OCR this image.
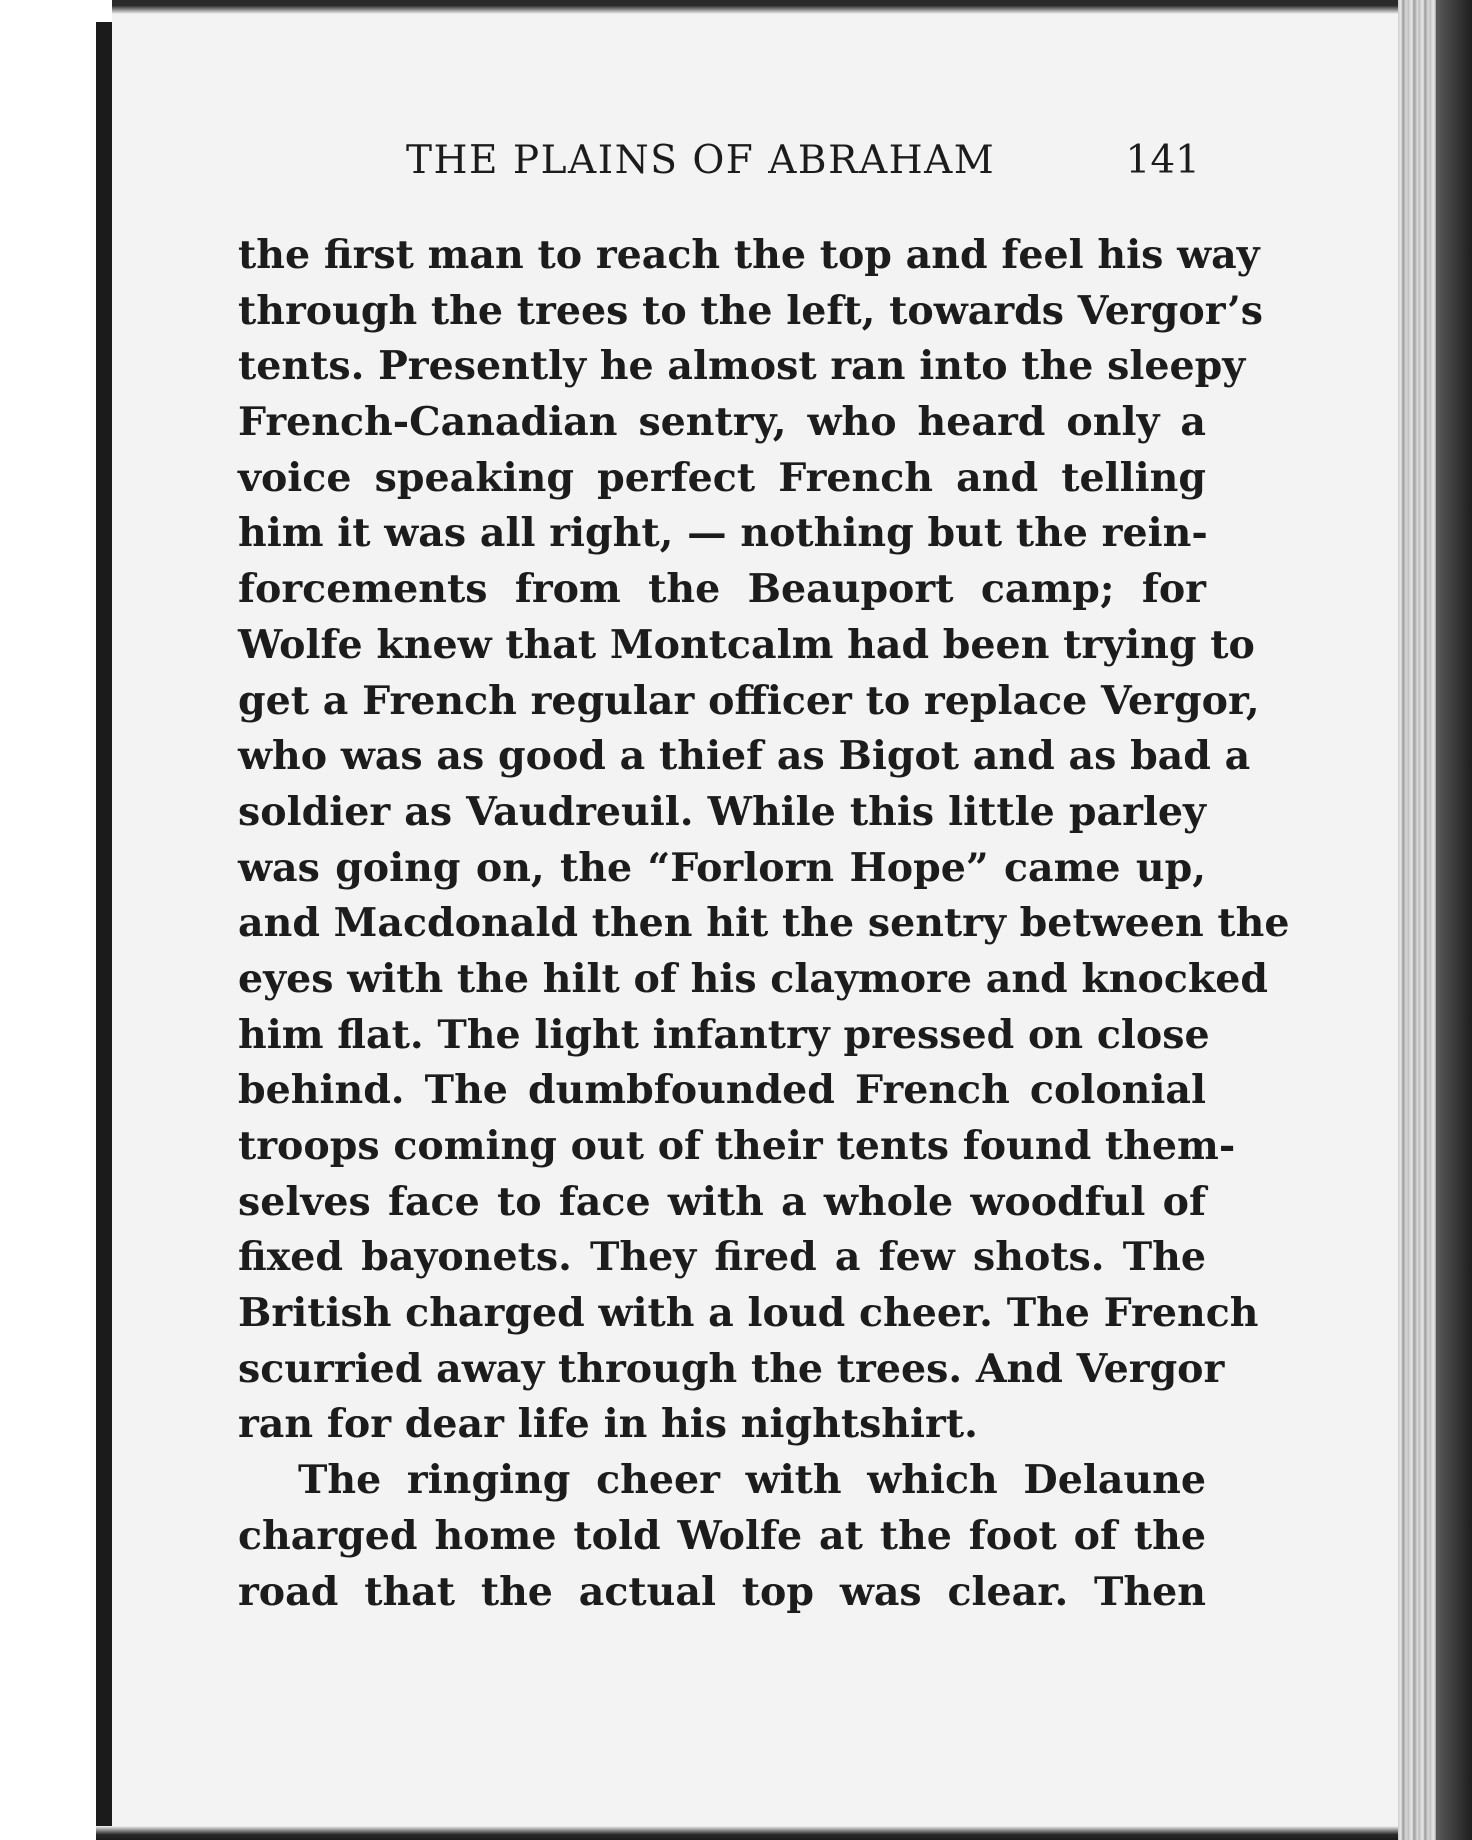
THE PLAINS OF ABRAHAM	141
the first man to reach the top and feel his way
through the trees to the left, towards Vergor’s
tents. Presently he almost ran into the sleepy
French-Canadian sentry, who heard only a
voice speaking perfect French and telling
him it was all right, — nothing but the rein-
forcements from the Beauport camp; for
Wolfe knew that Montcalm had been trying to
get a French regular officer to replace Vergor,
who was as good a thief as Bigot and as bad a
soldier as Vaudreuil. While this little parley
was going on, the “Forlorn Hope” came up,
and Macdonald then hit the sentry between the
eyes with the hilt of his claymore and knocked
him flat. The light infantry pressed on close
behind. The dumbfounded French colonial
troops coming out of their tents found them-
selves face to face with a whole woodful of
fixed bayonets. They fired a few shots. The
British charged with a loud cheer. The French
scurried away through the trees. And Vergor
ran for dear life in his nightshirt.
The ringing cheer with which Delaune
charged home told Wolfe at the foot of the
road that the actual top was clear. Then
